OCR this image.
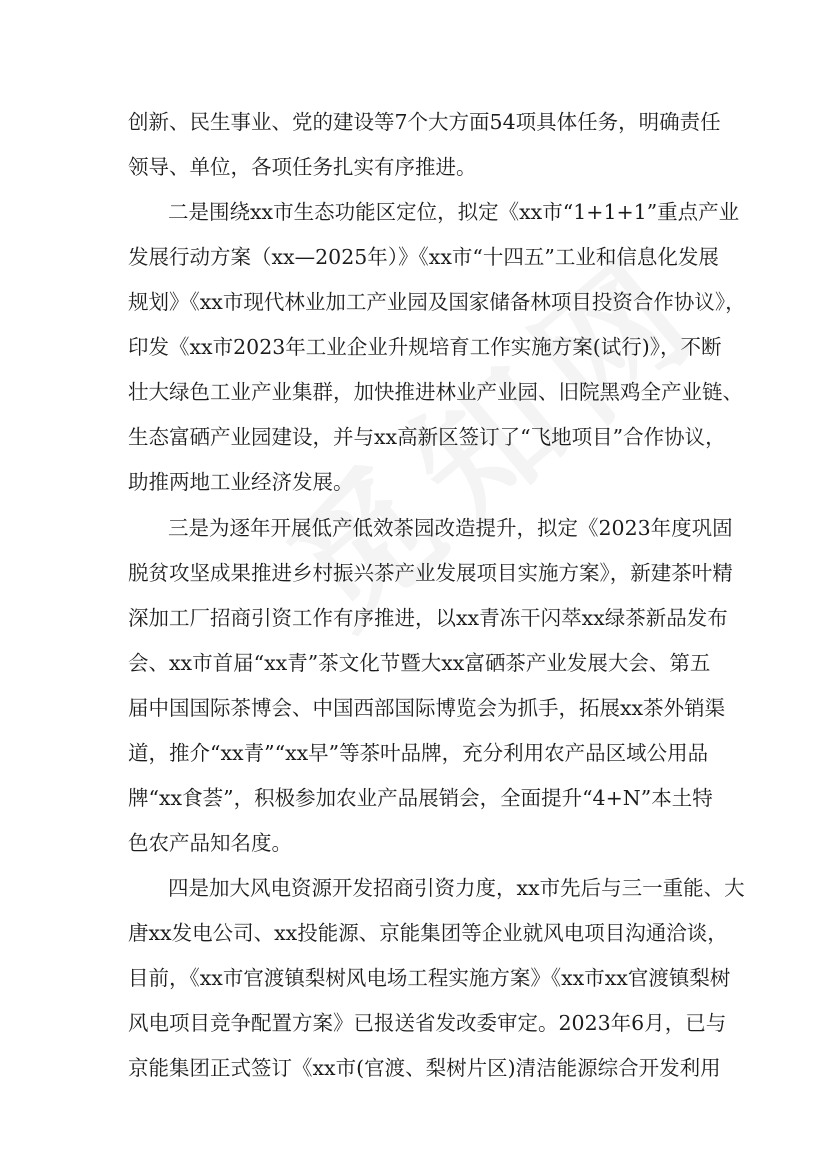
创新、民生事业、党的建设等7个大方面54项具体任务，明确责任
领导、单位，各项任务扎实有序推进。
二是围绕xx市生态功能区定位，拟定《xx市“1+1+1”重点产业
发展行动方案（xx—2025年）》《xx市“十四五”工业和信息化发展
规划》《xx市现代林业加工产业园及国家储备林项目投资合作协议》，
印发《xx市2023年工业企业升规培育工作实施方案(试行)》，不断
壮大绿色工业产业集群，加快推进林业产业园、旧院黑鸡全产业链、
生态富硒产业园建设，并与xx高新区签订了“飞地项目”合作协议，
助推两地工业经济发展。
三是为逐年开展低产低效茶园改造提升，拟定《2023年度巩固
脱贫攻坚成果推进乡村振兴茶产业发展项目实施方案》，新建茶叶精
深加工厂招商引资工作有序推进，以xx青冻干闪萃xx绿茶新品发布
会、xx市首届“xx青”茶文化节暨大xx富硒茶产业发展大会、第五
届中国国际茶博会、中国西部国际博览会为抓手，拓展xx茶外销渠
道，推介“xx青”“xx早”等茶叶品牌，充分利用农产品区域公用品
牌“xx食荟”，积极参加农业产品展销会，全面提升“4+N”本土特
色农产品知名度。
四是加大风电资源开发招商引资力度，xx市先后与三一重能、大
唐xx发电公司、xx投能源、京能集团等企业就风电项目沟通洽谈，
目前，《xx市官渡镇梨树风电场工程实施方案》《xx市xx官渡镇梨树
风电项目竞争配置方案》已报送省发改委审定。2023年6月，已与
京能集团正式签订《xx市(官渡、梨树片区)清洁能源综合开发利用
